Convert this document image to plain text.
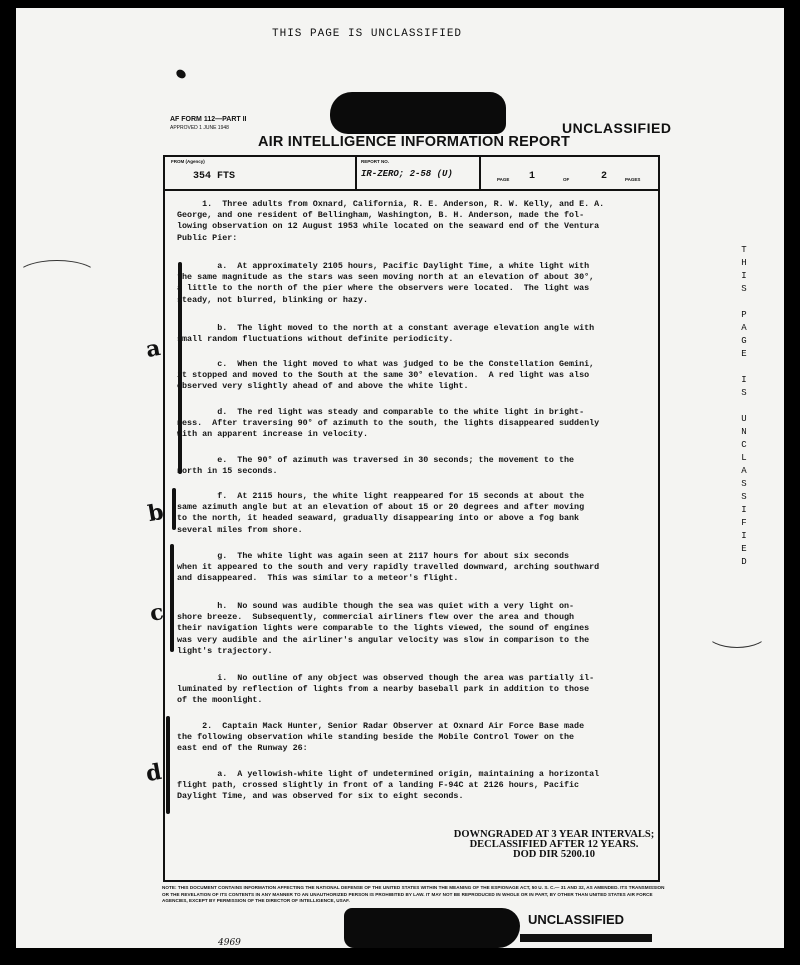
THIS PAGE IS UNCLASSIFIED
AF FORM 112—PART II
APPROVED 1 JUNE 1948
AIR INTELLIGENCE INFORMATION REPORT
UNCLASSIFIED
FROM (Agency)
354 FTS
REPORT NO.
IR-ZERO; 2-58 (U)
PAGE 1	OF	2	PAGES
1.  Three adults from Oxnard, California, R. E. Anderson, R. W. Kelly, and E. A.
George, and one resident of Bellingham, Washington, B. H. Anderson, made the fol-
lowing observation on 12 August 1953 while located on the seaward end of the Ventura
Public Pier:
a.  At approximately 2105 hours, Pacific Daylight Time, a white light with
the same magnitude as the stars was seen moving north at an elevation of about 30°,
a little to the north of the pier where the observers were located.  The light was
steady, not blurred, blinking or hazy.
b.  The light moved to the north at a constant average elevation angle with
small random fluctuations without definite periodicity.
c.  When the light moved to what was judged to be the Constellation Gemini,
it stopped and moved to the South at the same 30° elevation.  A red light was also
observed very slightly ahead of and above the white light.
d.  The red light was steady and comparable to the white light in bright-
ness.  After traversing 90° of azimuth to the south, the lights disappeared suddenly
with an apparent increase in velocity.
e.  The 90° of azimuth was traversed in 30 seconds; the movement to the
north in 15 seconds.
f.  At 2115 hours, the white light reappeared for 15 seconds at about the
same azimuth angle but at an elevation of about 15 or 20 degrees and after moving
to the north, it headed seaward, gradually disappearing into or above a fog bank
several miles from shore.
g.  The white light was again seen at 2117 hours for about six seconds
when it appeared to the south and very rapidly travelled downward, arching southward
and disappeared.  This was similar to a meteor's flight.
h.  No sound was audible though the sea was quiet with a very light on-
shore breeze.  Subsequently, commercial airliners flew over the area and though
their navigation lights were comparable to the lights viewed, the sound of engines
was very audible and the airliner's angular velocity was slow in comparison to the
light's trajectory.
i.  No outline of any object was observed though the area was partially il-
luminated by reflection of lights from a nearby baseball park in addition to those
of the moonlight.
2.  Captain Mack Hunter, Senior Radar Observer at Oxnard Air Force Base made
the following observation while standing beside the Mobile Control Tower on the
east end of the Runway 26:
a.  A yellowish-white light of undetermined origin, maintaining a horizontal
flight path, crossed slightly in front of a landing F-94C at 2126 hours, Pacific
Daylight Time, and was observed for six to eight seconds.
a
b
c
d
T
H
I
S

P
A
G
E

I
S

U
N
C
L
A
S
S
I
F
I
E
D
DOWNGRADED AT 3 YEAR INTERVALS;
DECLASSIFIED AFTER 12 YEARS.
DOD DIR 5200.10
NOTE: THIS DOCUMENT CONTAINS INFORMATION AFFECTING THE NATIONAL DEFENSE OF THE UNITED STATES WITHIN THE MEANING OF THE ESPIONAGE ACT, 50 U. S. C.— 31 AND 32, AS AMENDED. ITS TRANSMISSION OR THE REVELATION OF ITS CONTENTS IN ANY MANNER TO AN UNAUTHORIZED PERSON IS PROHIBITED BY LAW. IT MAY NOT BE REPRODUCED IN WHOLE OR IN PART, BY OTHER THAN UNITED STATES AIR FORCE AGENCIES, EXCEPT BY PERMISSION OF THE DIRECTOR OF INTELLIGENCE, USAF.
UNCLASSIFIED
4969
